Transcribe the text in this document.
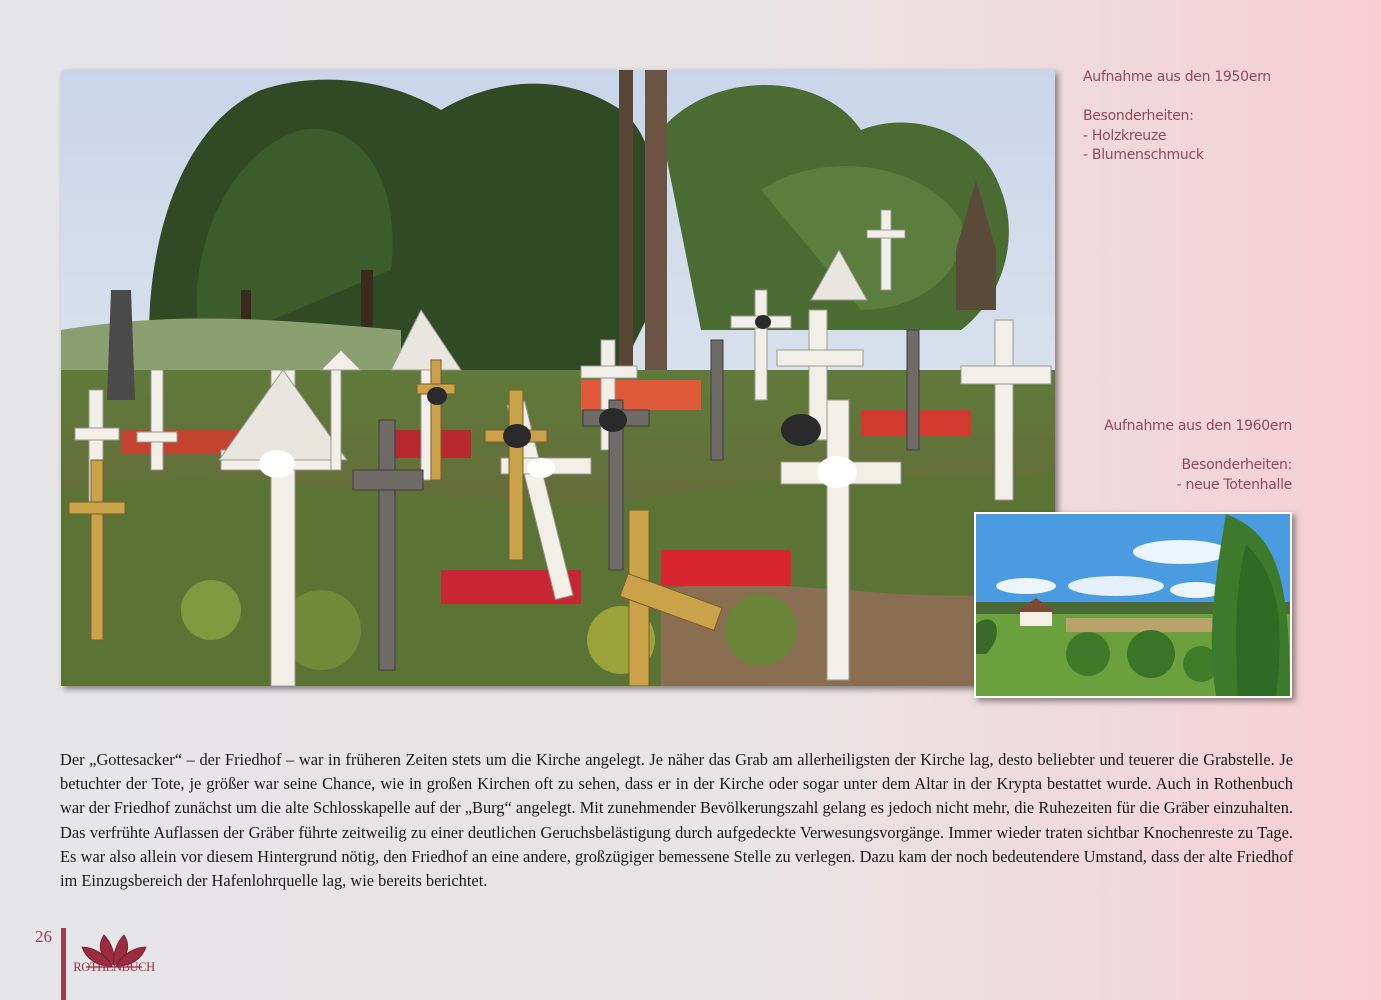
Aufnahme aus den 1950ern
Besonderheiten:
- Holzkreuze
- Blumenschmuck
Aufnahme aus den 1960ern
Besonderheiten:
- neue Totenhalle

Der „Gottesacker“ – der Friedhof – war in früheren Zeiten stets um die Kirche angelegt. Je näher das Grab am allerheiligsten der Kirche lag, desto beliebter und teuerer die Grabstelle. Je betuchter der Tote, je größer war seine Chance, wie in großen Kirchen oft zu sehen, dass er in der Kirche oder sogar unter dem Altar in der Krypta bestattet wurde. Auch in Rothenbuch war der Friedhof zunächst um die alte Schlosskapelle auf der „Burg“ angelegt. Mit zunehmender Bevölkerungszahl gelang es jedoch nicht mehr, die Ruhezeiten für die Gräber einzuhalten. Das verfrühte Auflassen der Gräber führte zeitweilig zu einer deutlichen Geruchsbelästigung durch aufgedeckte Verwesungsvorgänge. Immer wieder traten sichtbar Knochenreste zu Tage. Es war also allein vor diesem Hintergrund nötig, den Friedhof an eine andere, großzügiger bemessene Stelle zu verlegen. Dazu kam der noch bedeutendere Umstand, dass der alte Friedhof im Einzugsbereich der Hafenlohrquelle lag, wie bereits berichtet.

26
ROTHENBUCH
